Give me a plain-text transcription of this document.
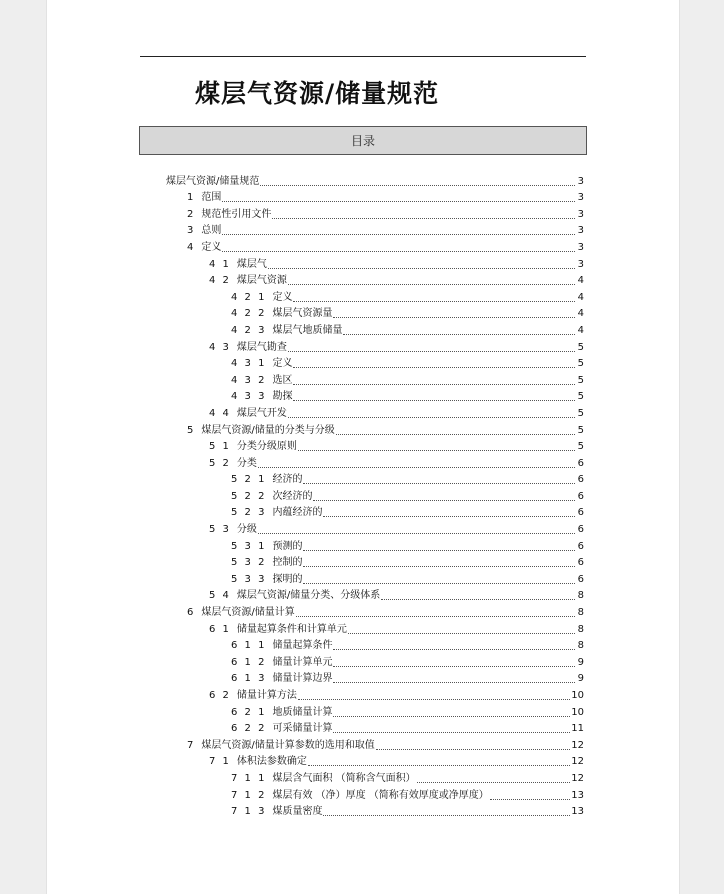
煤层气资源/储量规范
目录
煤层气资源/储量规范	3
1 范围	3
2 规范性引用文件	3
3 总则	3
4 定义	3
4 1 煤层气	3
4 2 煤层气资源	4
4 2 1 定义	4
4 2 2 煤层气资源量	4
4 2 3 煤层气地质储量	4
4 3 煤层气勘查	5
4 3 1 定义	5
4 3 2 选区	5
4 3 3 勘探	5
4 4 煤层气开发	5
5 煤层气资源/储量的分类与分级	5
5 1 分类分级原则	5
5 2 分类	6
5 2 1 经济的	6
5 2 2 次经济的	6
5 2 3 内蕴经济的	6
5 3 分级	6
5 3 1 预测的	6
5 3 2 控制的	6
5 3 3 探明的	6
5 4 煤层气资源/储量分类、分级体系	8
6 煤层气资源/储量计算	8
6 1 储量起算条件和计算单元	8
6 1 1 储量起算条件	8
6 1 2 储量计算单元	9
6 1 3 储量计算边界	9
6 2 储量计算方法	10
6 2 1 地质储量计算	10
6 2 2 可采储量计算	11
7 煤层气资源/储量计算参数的选用和取值	12
7 1 体积法参数确定	12
7 1 1 煤层含气面积 （简称含气面积）	12
7 1 2 煤层有效 （净）厚度 （简称有效厚度或净厚度）	13
7 1 3 煤质量密度	13
